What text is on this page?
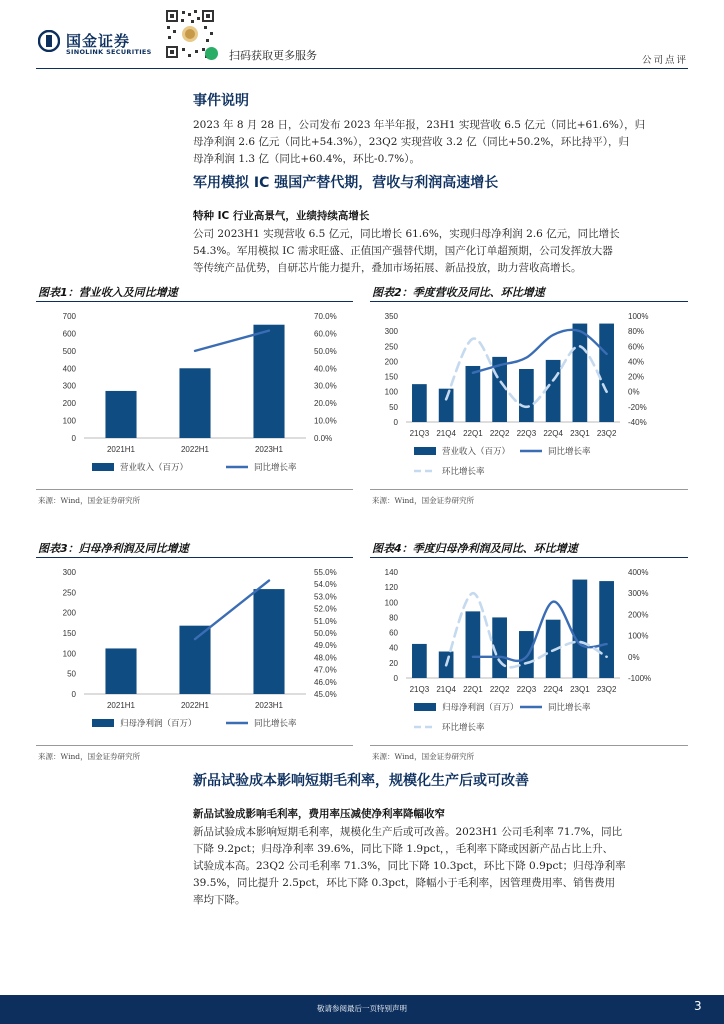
国金证券
SINOLINK SECURITIES	扫码获取更多服务	公司点评
事件说明
2023 年 8 月 28 日，公司发布 2023 年半年报，23H1 实现营收 6.5 亿元（同比+61.6%），归
母净利润 2.6 亿元（同比+54.3%），23Q2 实现营收 3.2 亿（同比+50.2%，环比持平），归
母净利润 1.3 亿（同比+60.4%，环比-0.7%）。
军用模拟 IC 强国产替代期，营收与利润高速增长
特种 IC 行业高景气，业绩持续高增长
公司 2023H1 实现营收 6.5 亿元，同比增长 61.6%，实现归母净利润 2.6 亿元，同比增长
54.3%。军用模拟 IC 需求旺盛、正值国产强替代期，国产化订单超预期，公司发挥放大器
等传统产品优势，自研芯片能力提升，叠加市场拓展、新品投放，助力营收高增长。
图表1：营业收入及同比增速	图表2：季度营收及同比、环比增速
0
100
200
300
400
500
600
700
0.0%
10.0%
20.0%
30.0%
40.0%
50.0%
60.0%
70.0%
2021H1	2022H1	2023H1
营业收入（百万）	同比增长率
0
50
100
150
200
250
300
350
-40%
-20%
0%
20%
40%
60%
80%
100%
21Q3 21Q4 22Q1 22Q2 22Q3 22Q4 23Q1 23Q2
营业收入（百万）	同比增长率
环比增长率
来源：Wind，国金证券研究所	来源：Wind，国金证券研究所
图表3：归母净利润及同比增速	图表4：季度归母净利润及同比、环比增速
0
50
100
150
200
250
300
45.0%
46.0%
47.0%
48.0%
49.0%
50.0%
51.0%
52.0%
53.0%
54.0%
55.0%
2021H1	2022H1	2023H1
归母净利润（百万）	同比增长率
0
20
40
60
80
100
120
140
-100%
0%
100%
200%
300%
400%
21Q3 21Q4 22Q1 22Q2 22Q3 22Q4 23Q1 23Q2
归母净利润（百万）	同比增长率
环比增长率
来源：Wind，国金证券研究所	来源：Wind，国金证券研究所
新品试验成本影响短期毛利率，规模化生产后或可改善
新品试验成影响毛利率，费用率压减使净利率降幅收窄
新品试验成本影响短期毛利率，规模化生产后或可改善。2023H1 公司毛利率 71.7%，同比
下降 9.2pct；归母净利率 39.6%，同比下降 1.9pct，，毛利率下降或因新产品占比上升、
试验成本高。23Q2 公司毛利率 71.3%，同比下降 10.3pct，环比下降 0.9pct；归母净利率
39.5%，同比提升 2.5pct，环比下降 0.3pct，降幅小于毛利率，因管理费用率、销售费用
率均下降。
敬请参阅最后一页特别声明	3
